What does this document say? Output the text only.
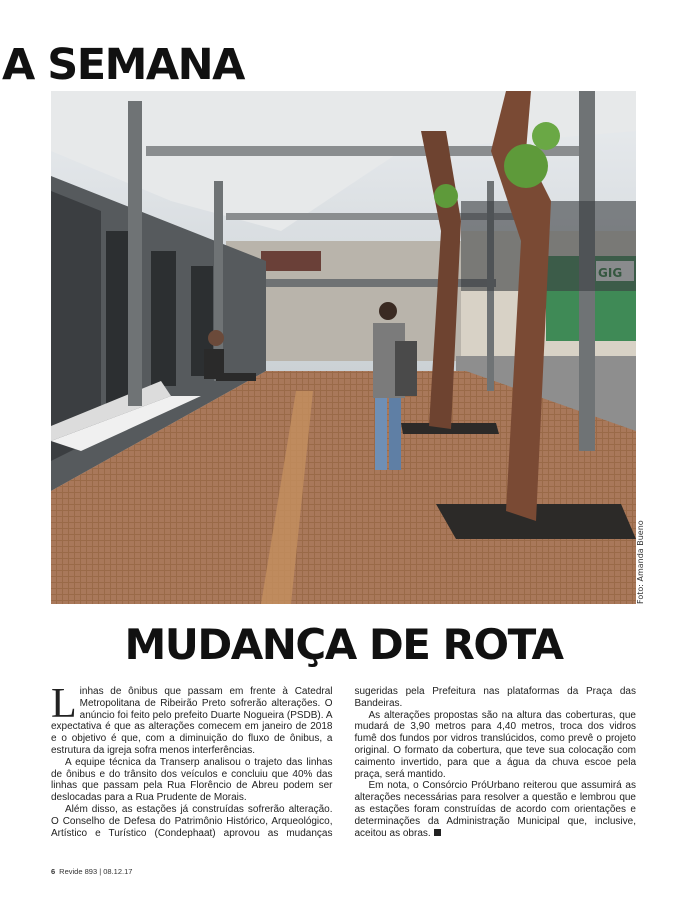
A SEMANA
Foto: Amanda Bueno
MUDANÇA DE ROTA

Linhas de ônibus que passam em frente à Catedral Metropolitana de Ribeirão Preto sofrerão alterações. O anúncio foi feito pelo prefeito Duarte Nogueira (PSDB). A expectativa é que as alterações comecem em janeiro de 2018 e o objetivo é que, com a diminuição do fluxo de ônibus, a estrutura da igreja sofra menos interferências.

A equipe técnica da Transerp analisou o trajeto das linhas de ônibus e do trânsito dos veículos e concluiu que 40% das linhas que passam pela Rua Florêncio de Abreu podem ser deslocadas para a Rua Prudente de Morais.

Além disso, as estações já construídas sofrerão alteração. O Conselho de Defesa do Patrimônio Histórico, Arqueológico, Artístico e Turístico (Condephaat) aprovou as mudanças sugeridas pela Prefeitura nas plataformas da Praça das Bandeiras.

As alterações propostas são na altura das coberturas, que mudará de 3,90 metros para 4,40 metros, troca dos vidros fumê dos fundos por vidros translúcidos, como prevê o projeto original. O formato da cobertura, que teve sua colocação com caimento invertido, para que a água da chuva escoe pela praça, será mantido.

Em nota, o Consórcio PróUrbano reiterou que assumirá as alterações necessárias para resolver a questão e lembrou que as estações foram construídas de acordo com orientações e determinações da Administração Municipal que, inclusive, aceitou as obras.

6 Revide 893 | 08.12.17
